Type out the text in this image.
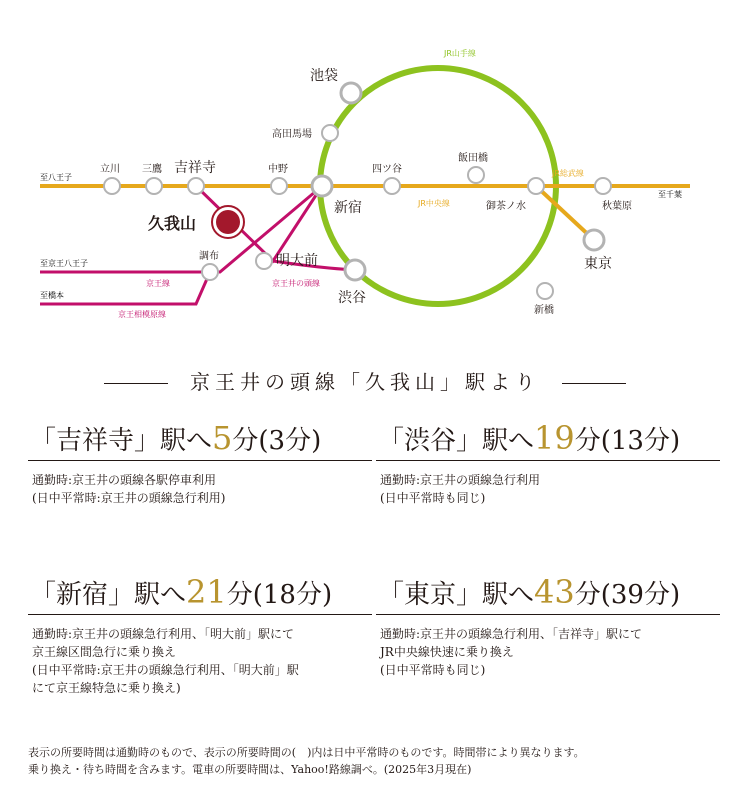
JR山手線
JR総武線
JR中央線
京王線	京王井の頭線
京王相模原線
至八王子
至千葉
至京王八王子
至橋本
池袋
高田馬場
立川 三鷹 吉祥寺	中野
新宿
四ツ谷
飯田橋
御茶ノ水	秋葉原
東京
新橋
渋谷
調布	明大前
久我山
京王井の頭線「久我山」駅より
「吉祥寺」駅へ5分(3分)
通勤時:京王井の頭線各駅停車利用
(日中平常時:京王井の頭線急行利用)
「渋谷」駅へ19分(13分)
通勤時:京王井の頭線急行利用
(日中平常時も同じ)
「新宿」駅へ21分(18分)
通勤時:京王井の頭線急行利用、「明大前」駅にて
京王線区間急行に乗り換え
(日中平常時:京王井の頭線急行利用、「明大前」駅
にて京王線特急に乗り換え)
「東京」駅へ43分(39分)
通勤時:京王井の頭線急行利用、「吉祥寺」駅にて
JR中央線快速に乗り換え
(日中平常時も同じ)
表示の所要時間は通勤時のもので、表示の所要時間の(　)内は日中平常時のものです。時間帯により異なります。
乗り換え・待ち時間を含みます。電車の所要時間は、Yahoo!路線調べ。(2025年3月現在)
